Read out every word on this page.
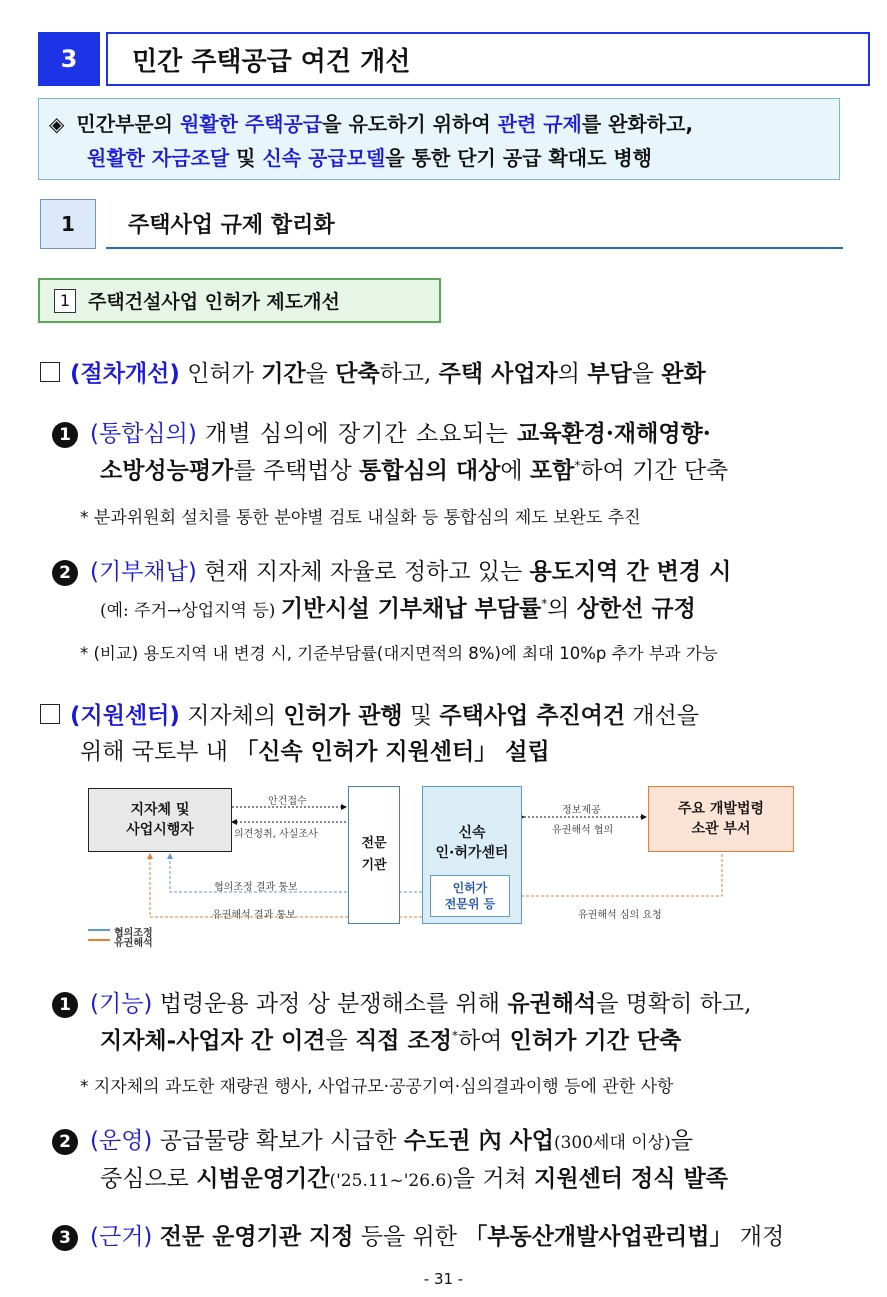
3	민간 주택공급 여건 개선
◈ 민간부문의 원활한 주택공급을 유도하기 위하여 관련 규제를 완화하고,
원활한 자금조달 및 신속 공급모델을 통한 단기 공급 확대도 병행
1	주택사업 규제 합리화
1 주택건설사업 인허가 제도개선
(절차개선) 인허가 기간을 단축하고, 주택 사업자의 부담을 완화
1 (통합심의) 개별 심의에 장기간 소요되는 교육환경·재해영향·
소방성능평가를 주택법상 통합심의 대상에 포함*하여 기간 단축
* 분과위원회 설치를 통한 분야별 검토 내실화 등 통합심의 제도 보완도 추진
2 (기부채납) 현재 지자체 자율로 정하고 있는 용도지역 간 변경 시
(예: 주거→상업지역 등) 기반시설 기부채납 부담률*의 상한선 규정
* (비교) 용도지역 내 변경 시, 기준부담률(대지면적의 8%)에 최대 10%p 추가 부과 가능
(지원센터) 지자체의 인허가 관행 및 주택사업 추진여건 개선을
위해 국토부 내 「신속 인허가 지원센터」 설립
지자체 및
사업시행자
전문
기관
신속
인·허가센터
인허가
전문위 등
주요 개발법령
소관 부서
안건접수
의견청취, 사실조사
정보제공
유권해석 협의
협의조정 결과 통보
유권해석 결과 통보	유권해석 심의 요청
협의조정
유권해석
1 (기능) 법령운용 과정 상 분쟁해소를 위해 유권해석을 명확히 하고,
지자체-사업자 간 이견을 직접 조정*하여 인허가 기간 단축
* 지자체의 과도한 재량권 행사, 사업규모·공공기여·심의결과이행 등에 관한 사항
2 (운영) 공급물량 확보가 시급한 수도권 內 사업(300세대 이상)을
중심으로 시범운영기간('25.11~'26.6)을 거쳐 지원센터 정식 발족
3 (근거) 전문 운영기관 지정 등을 위한 「부동산개발사업관리법」 개정
- 31 -
